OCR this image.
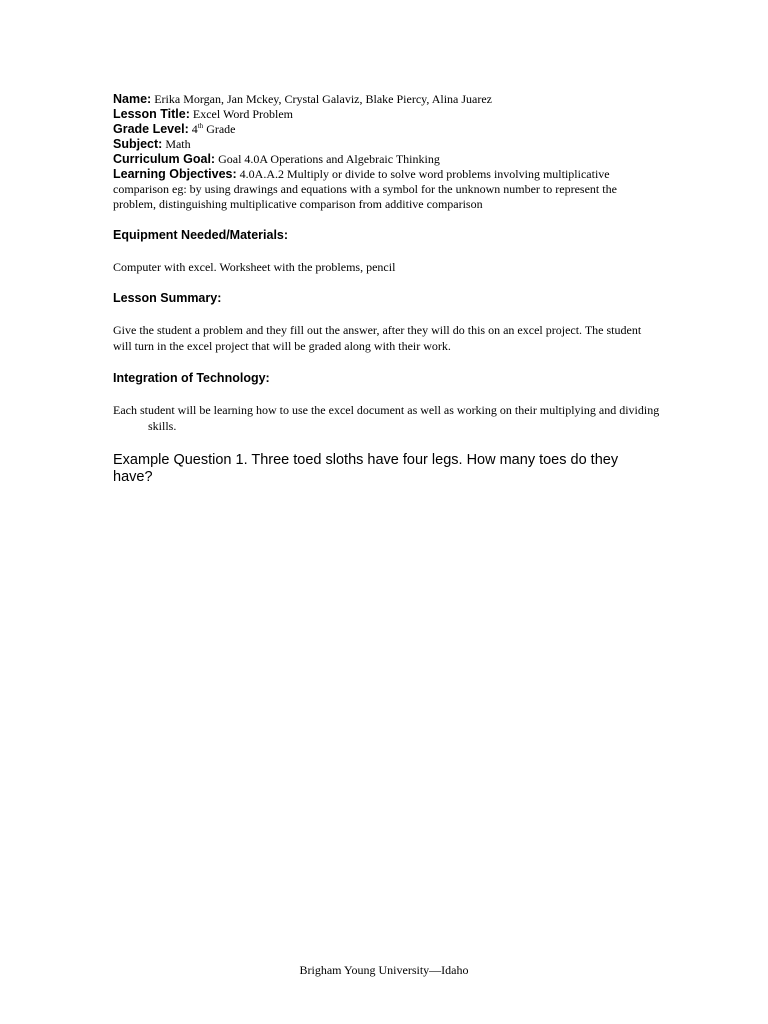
Name: Erika Morgan, Jan Mckey, Crystal Galaviz, Blake Piercy, Alina Juarez

Lesson Title: Excel Word Problem

Grade Level: 4th Grade

Subject: Math

Curriculum Goal: Goal 4.0A Operations and Algebraic Thinking

Learning Objectives: 4.0A.A.2 Multiply or divide to solve word problems involving multiplicative comparison eg: by using drawings and equations with a symbol for the unknown number to represent the problem, distinguishing multiplicative comparison from additive comparison

Equipment Needed/Materials:

Computer with excel. Worksheet with the problems, pencil

Lesson Summary:

Give the student a problem and they fill out the answer, after they will do this on an excel project. The student will turn in the excel project that will be graded along with their work.

Integration of Technology:

Each student will be learning how to use the excel document as well as working on their multiplying and dividing skills.

Example Question 1. Three toed sloths have four legs. How many toes do they have?

Brigham Young University—Idaho
